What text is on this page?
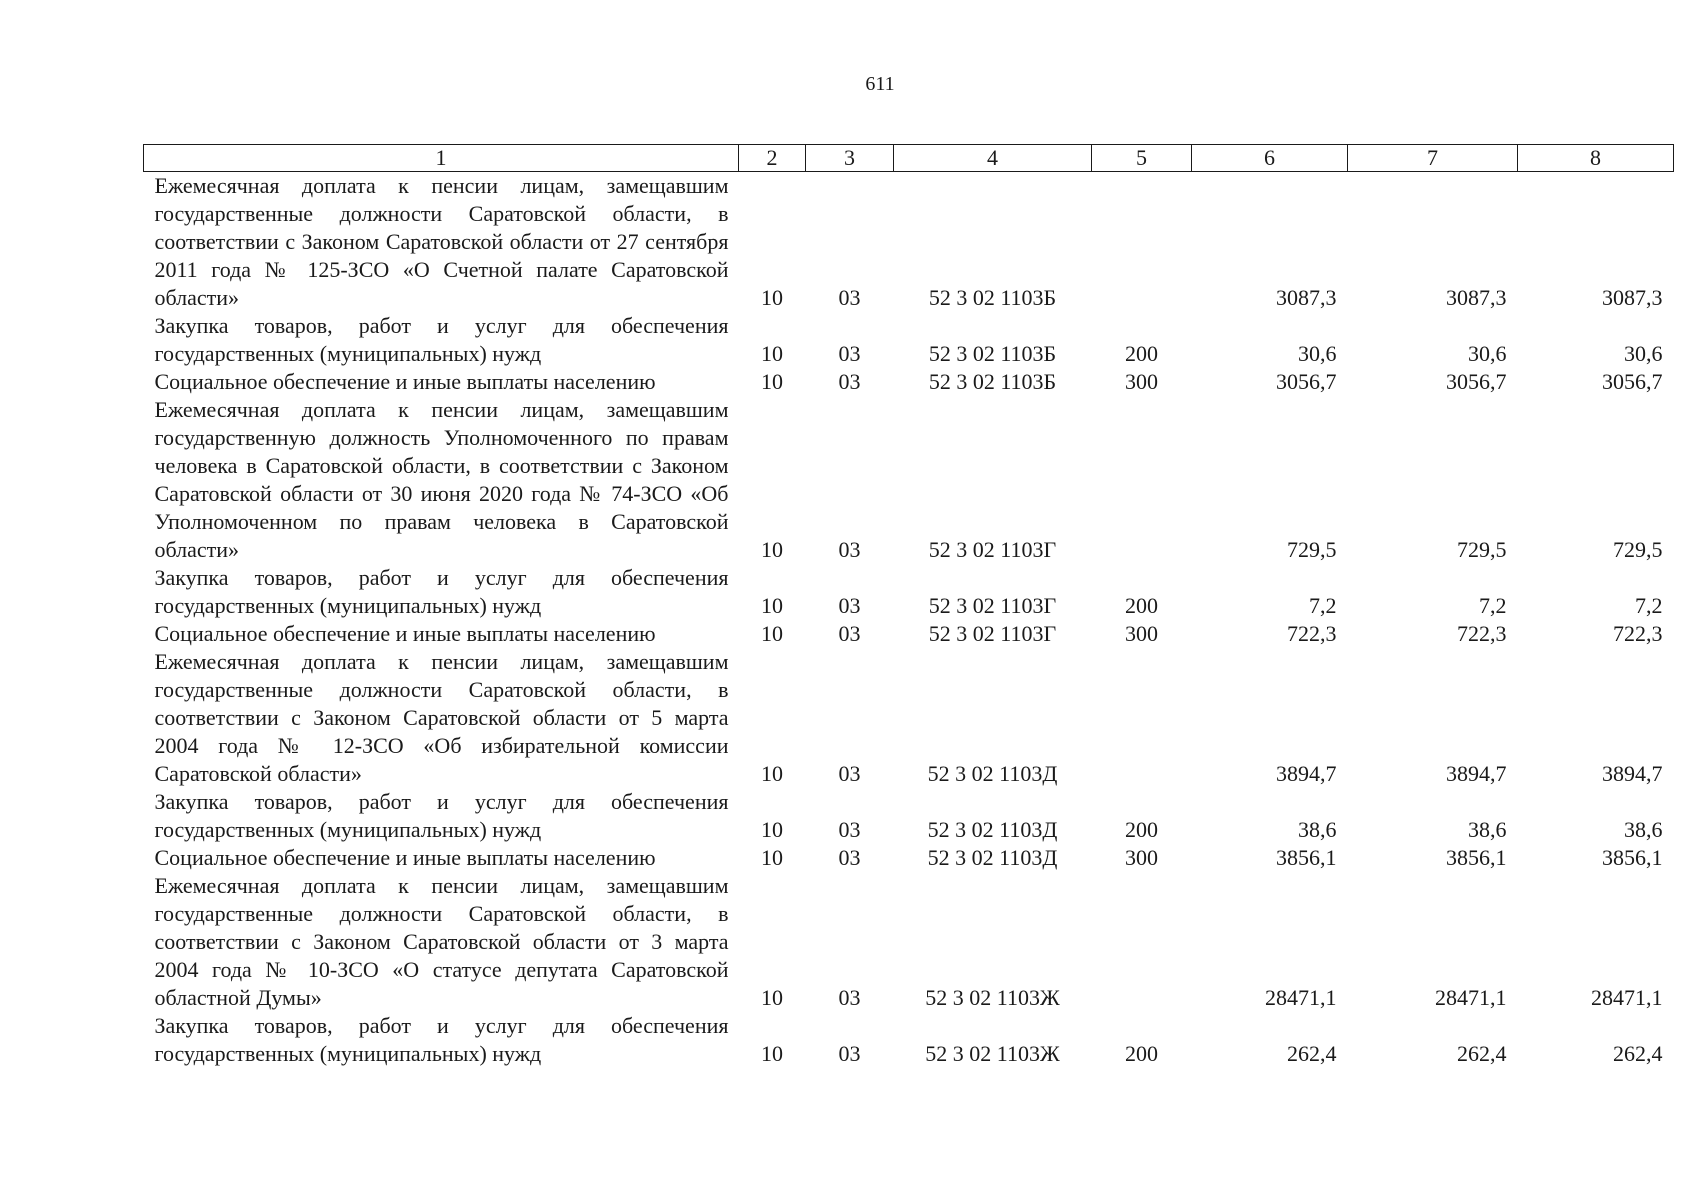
611
1	2	3	4	5	6	7	8
Ежемесячная доплата к пенсии лицам, замещавшим государственные должности Саратовской области, в соответствии с Законом Саратовской области от 27 сентября 2011 года № 125-ЗСО «О Счетной палате Саратовской области»	10	03	52 3 02 1103Б		3087,3	3087,3	3087,3
Закупка товаров, работ и услуг для обеспечения государственных (муниципальных) нужд	10	03	52 3 02 1103Б	200	30,6	30,6	30,6
Социальное обеспечение и иные выплаты населению	10	03	52 3 02 1103Б	300	3056,7	3056,7	3056,7
Ежемесячная доплата к пенсии лицам, замещавшим государственную должность Уполномоченного по правам человека в Саратовской области, в соответствии с Законом Саратовской области от 30 июня 2020 года № 74-ЗСО «Об Уполномоченном по правам человека в Саратовской области»	10	03	52 3 02 1103Г		729,5	729,5	729,5
Закупка товаров, работ и услуг для обеспечения государственных (муниципальных) нужд	10	03	52 3 02 1103Г	200	7,2	7,2	7,2
Социальное обеспечение и иные выплаты населению	10	03	52 3 02 1103Г	300	722,3	722,3	722,3
Ежемесячная доплата к пенсии лицам, замещавшим государственные должности Саратовской области, в соответствии с Законом Саратовской области от 5 марта 2004 года № 12-ЗСО «Об избирательной комиссии Саратовской области»	10	03	52 3 02 1103Д		3894,7	3894,7	3894,7
Закупка товаров, работ и услуг для обеспечения государственных (муниципальных) нужд	10	03	52 3 02 1103Д	200	38,6	38,6	38,6
Социальное обеспечение и иные выплаты населению	10	03	52 3 02 1103Д	300	3856,1	3856,1	3856,1
Ежемесячная доплата к пенсии лицам, замещавшим государственные должности Саратовской области, в соответствии с Законом Саратовской области от 3 марта 2004 года № 10-ЗСО «О статусе депутата Саратовской областной Думы»	10	03	52 3 02 1103Ж		28471,1	28471,1	28471,1
Закупка товаров, работ и услуг для обеспечения государственных (муниципальных) нужд	10	03	52 3 02 1103Ж	200	262,4	262,4	262,4
